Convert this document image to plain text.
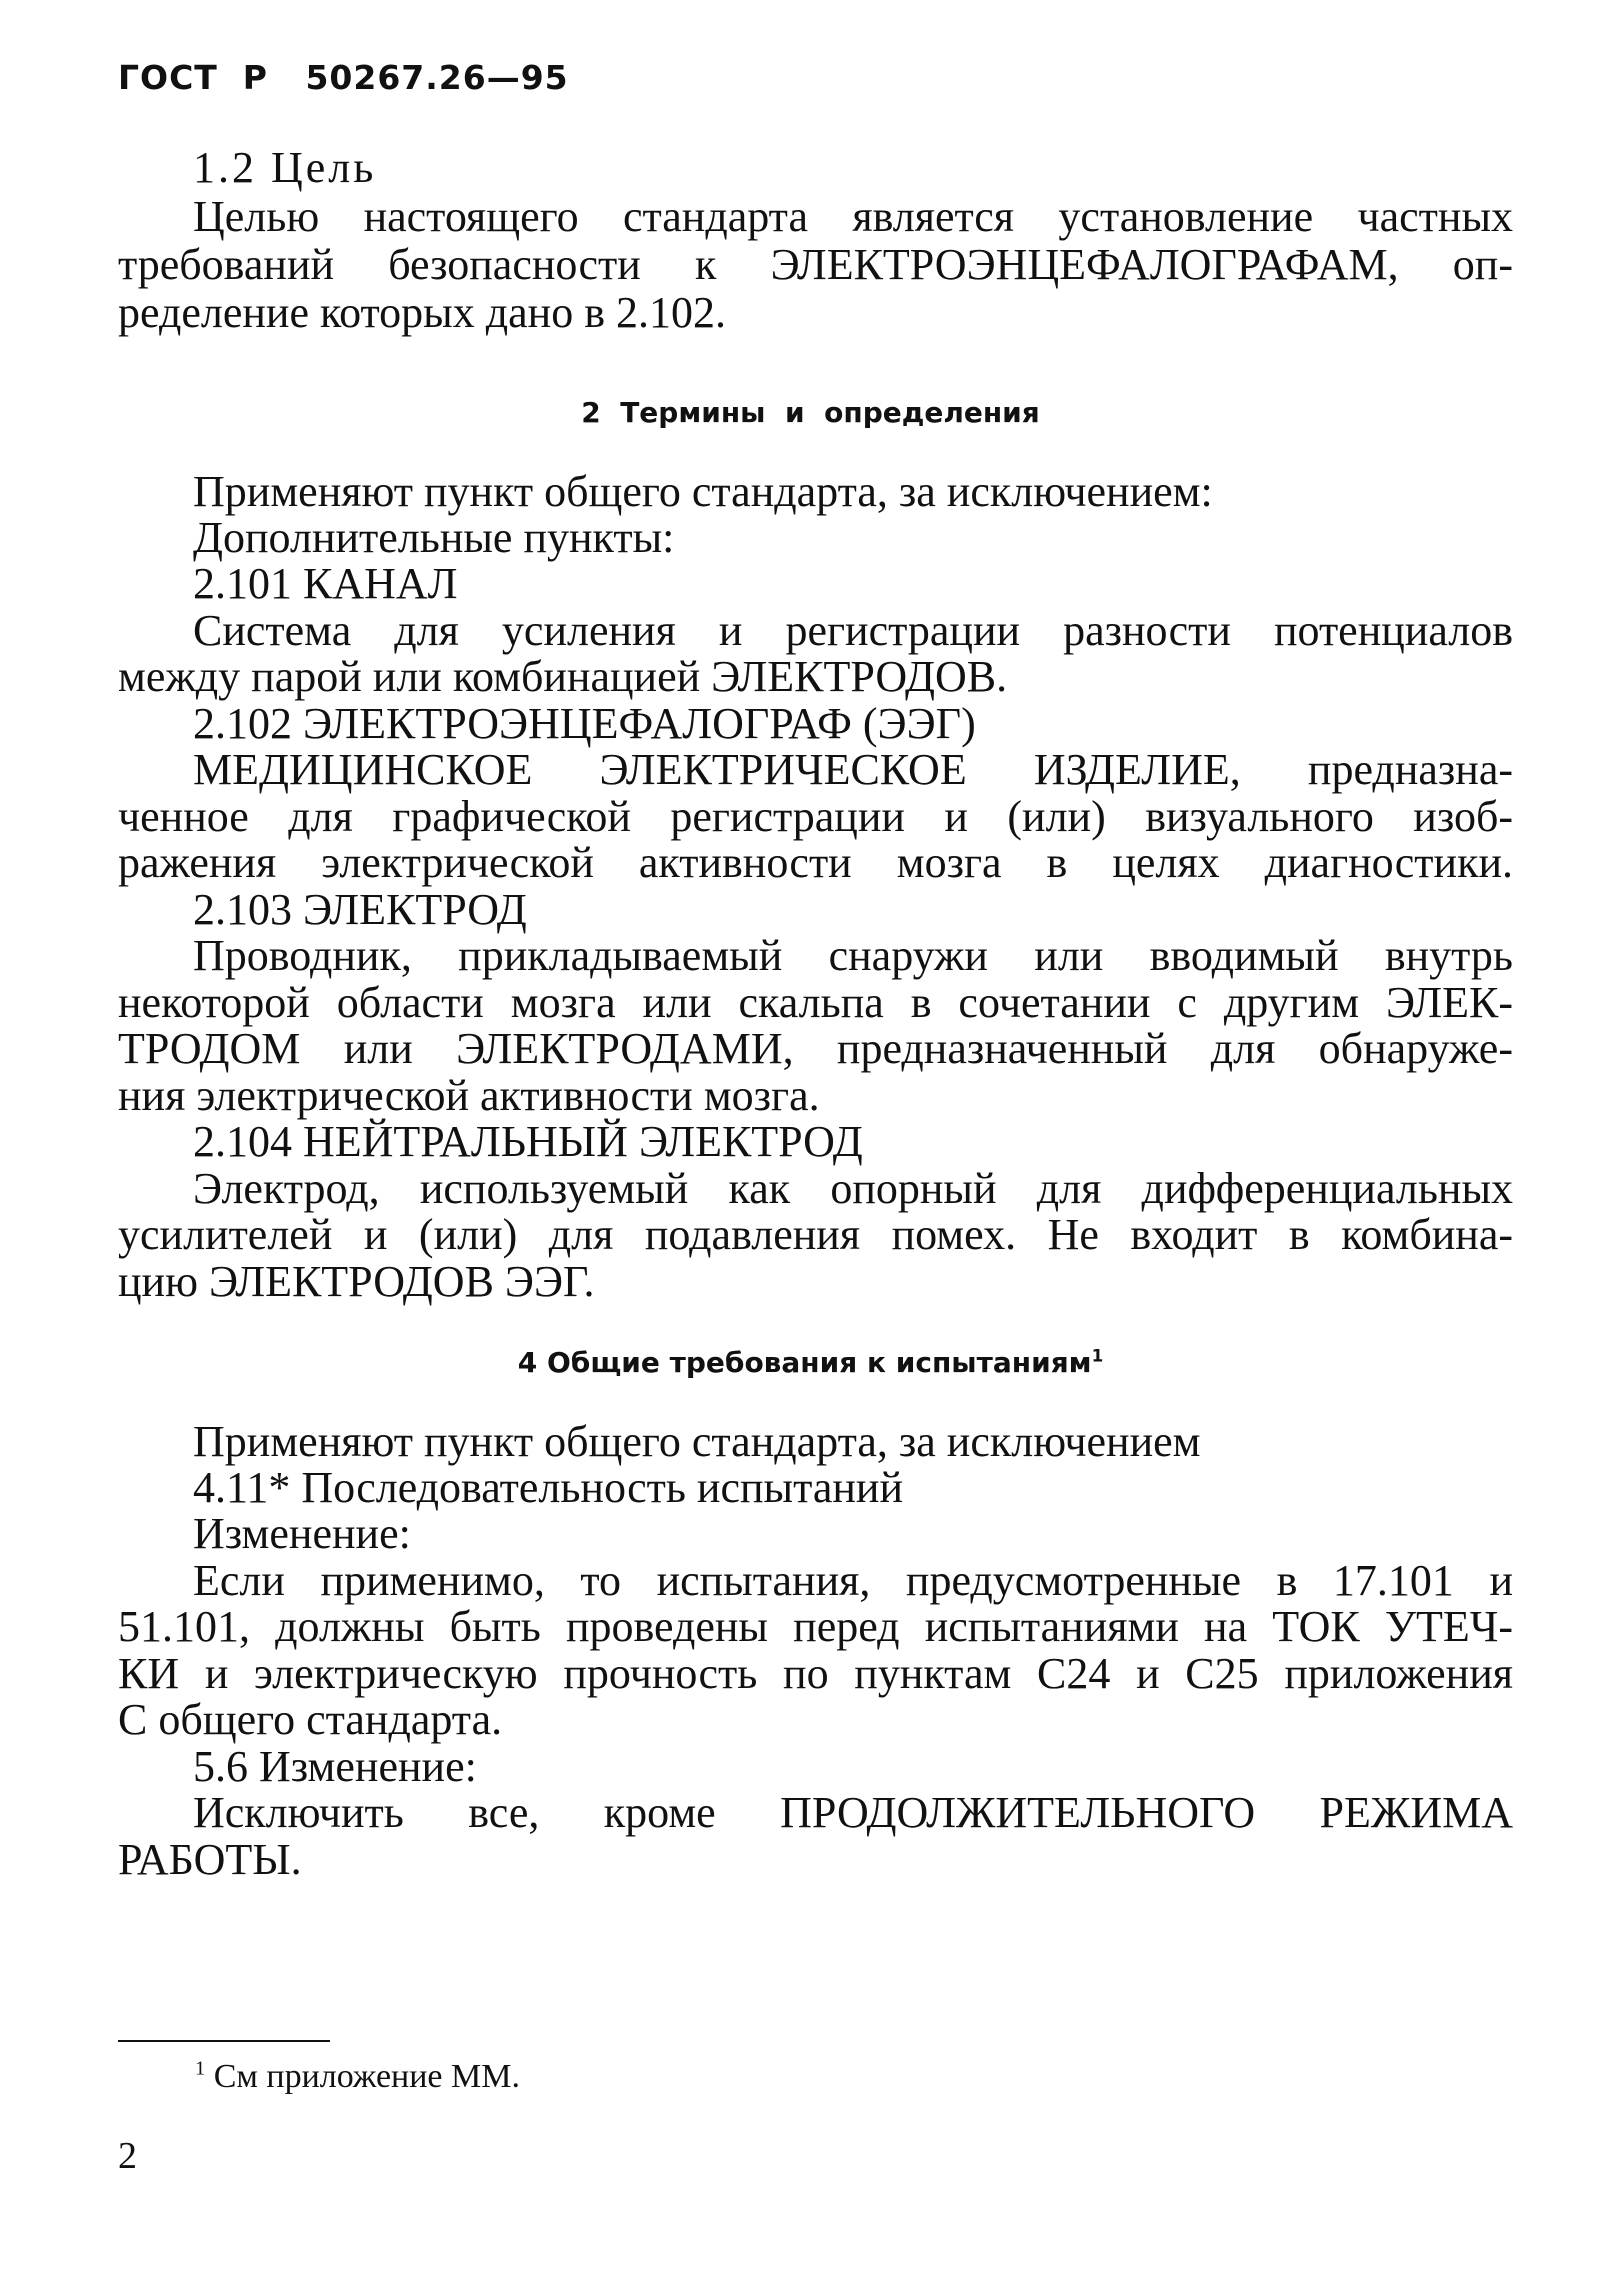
ГОСТ  Р   50267.26—95
1.2 Цель
Целью настоящего стандарта является установление частных
требований безопасности к ЭЛЕКТРОЭНЦЕФАЛОГРАФАМ, оп-
ределение которых дано в 2.102.
2  Термины  и  определения
Применяют пункт общего стандарта, за исключением:
Дополнительные пункты:
2.101 КАНАЛ
Система для усиления и регистрации разности потенциалов
между парой или комбинацией ЭЛЕКТРОДОВ.
2.102 ЭЛЕКТРОЭНЦЕФАЛОГРАФ (ЭЭГ)
МЕДИЦИНСКОЕ ЭЛЕКТРИЧЕСКОЕ ИЗДЕЛИЕ, предназна-
ченное для графической регистрации и (или) визуального изоб-
ражения электрической активности мозга в целях диагностики.
2.103 ЭЛЕКТРОД
Проводник, прикладываемый снаружи или вводимый внутрь
некоторой области мозга или скальпа в сочетании с другим ЭЛЕК-
ТРОДОМ или ЭЛЕКТРОДАМИ, предназначенный для обнаруже-
ния электрической активности мозга.
2.104 НЕЙТРАЛЬНЫЙ ЭЛЕКТРОД
Электрод, используемый как опорный для дифференциальных
усилителей и (или) для подавления помех. Не входит в комбина-
цию ЭЛЕКТРОДОВ ЭЭГ.
4 Общие требования к испытаниям$^1$
Применяют пункт общего стандарта, за исключением
4.11* Последовательность испытаний
Изменение:
Если применимо, то испытания, предусмотренные в 17.101 и
51.101, должны быть проведены перед испытаниями на ТОК УТЕЧ-
КИ и электрическую прочность по пунктам С24 и С25 приложения
С общего стандарта.
5.6 Изменение:
Исключить все, кроме ПРОДОЛЖИТЕЛЬНОГО РЕЖИМА
РАБОТЫ.
$^1$ См приложение ММ.
2
